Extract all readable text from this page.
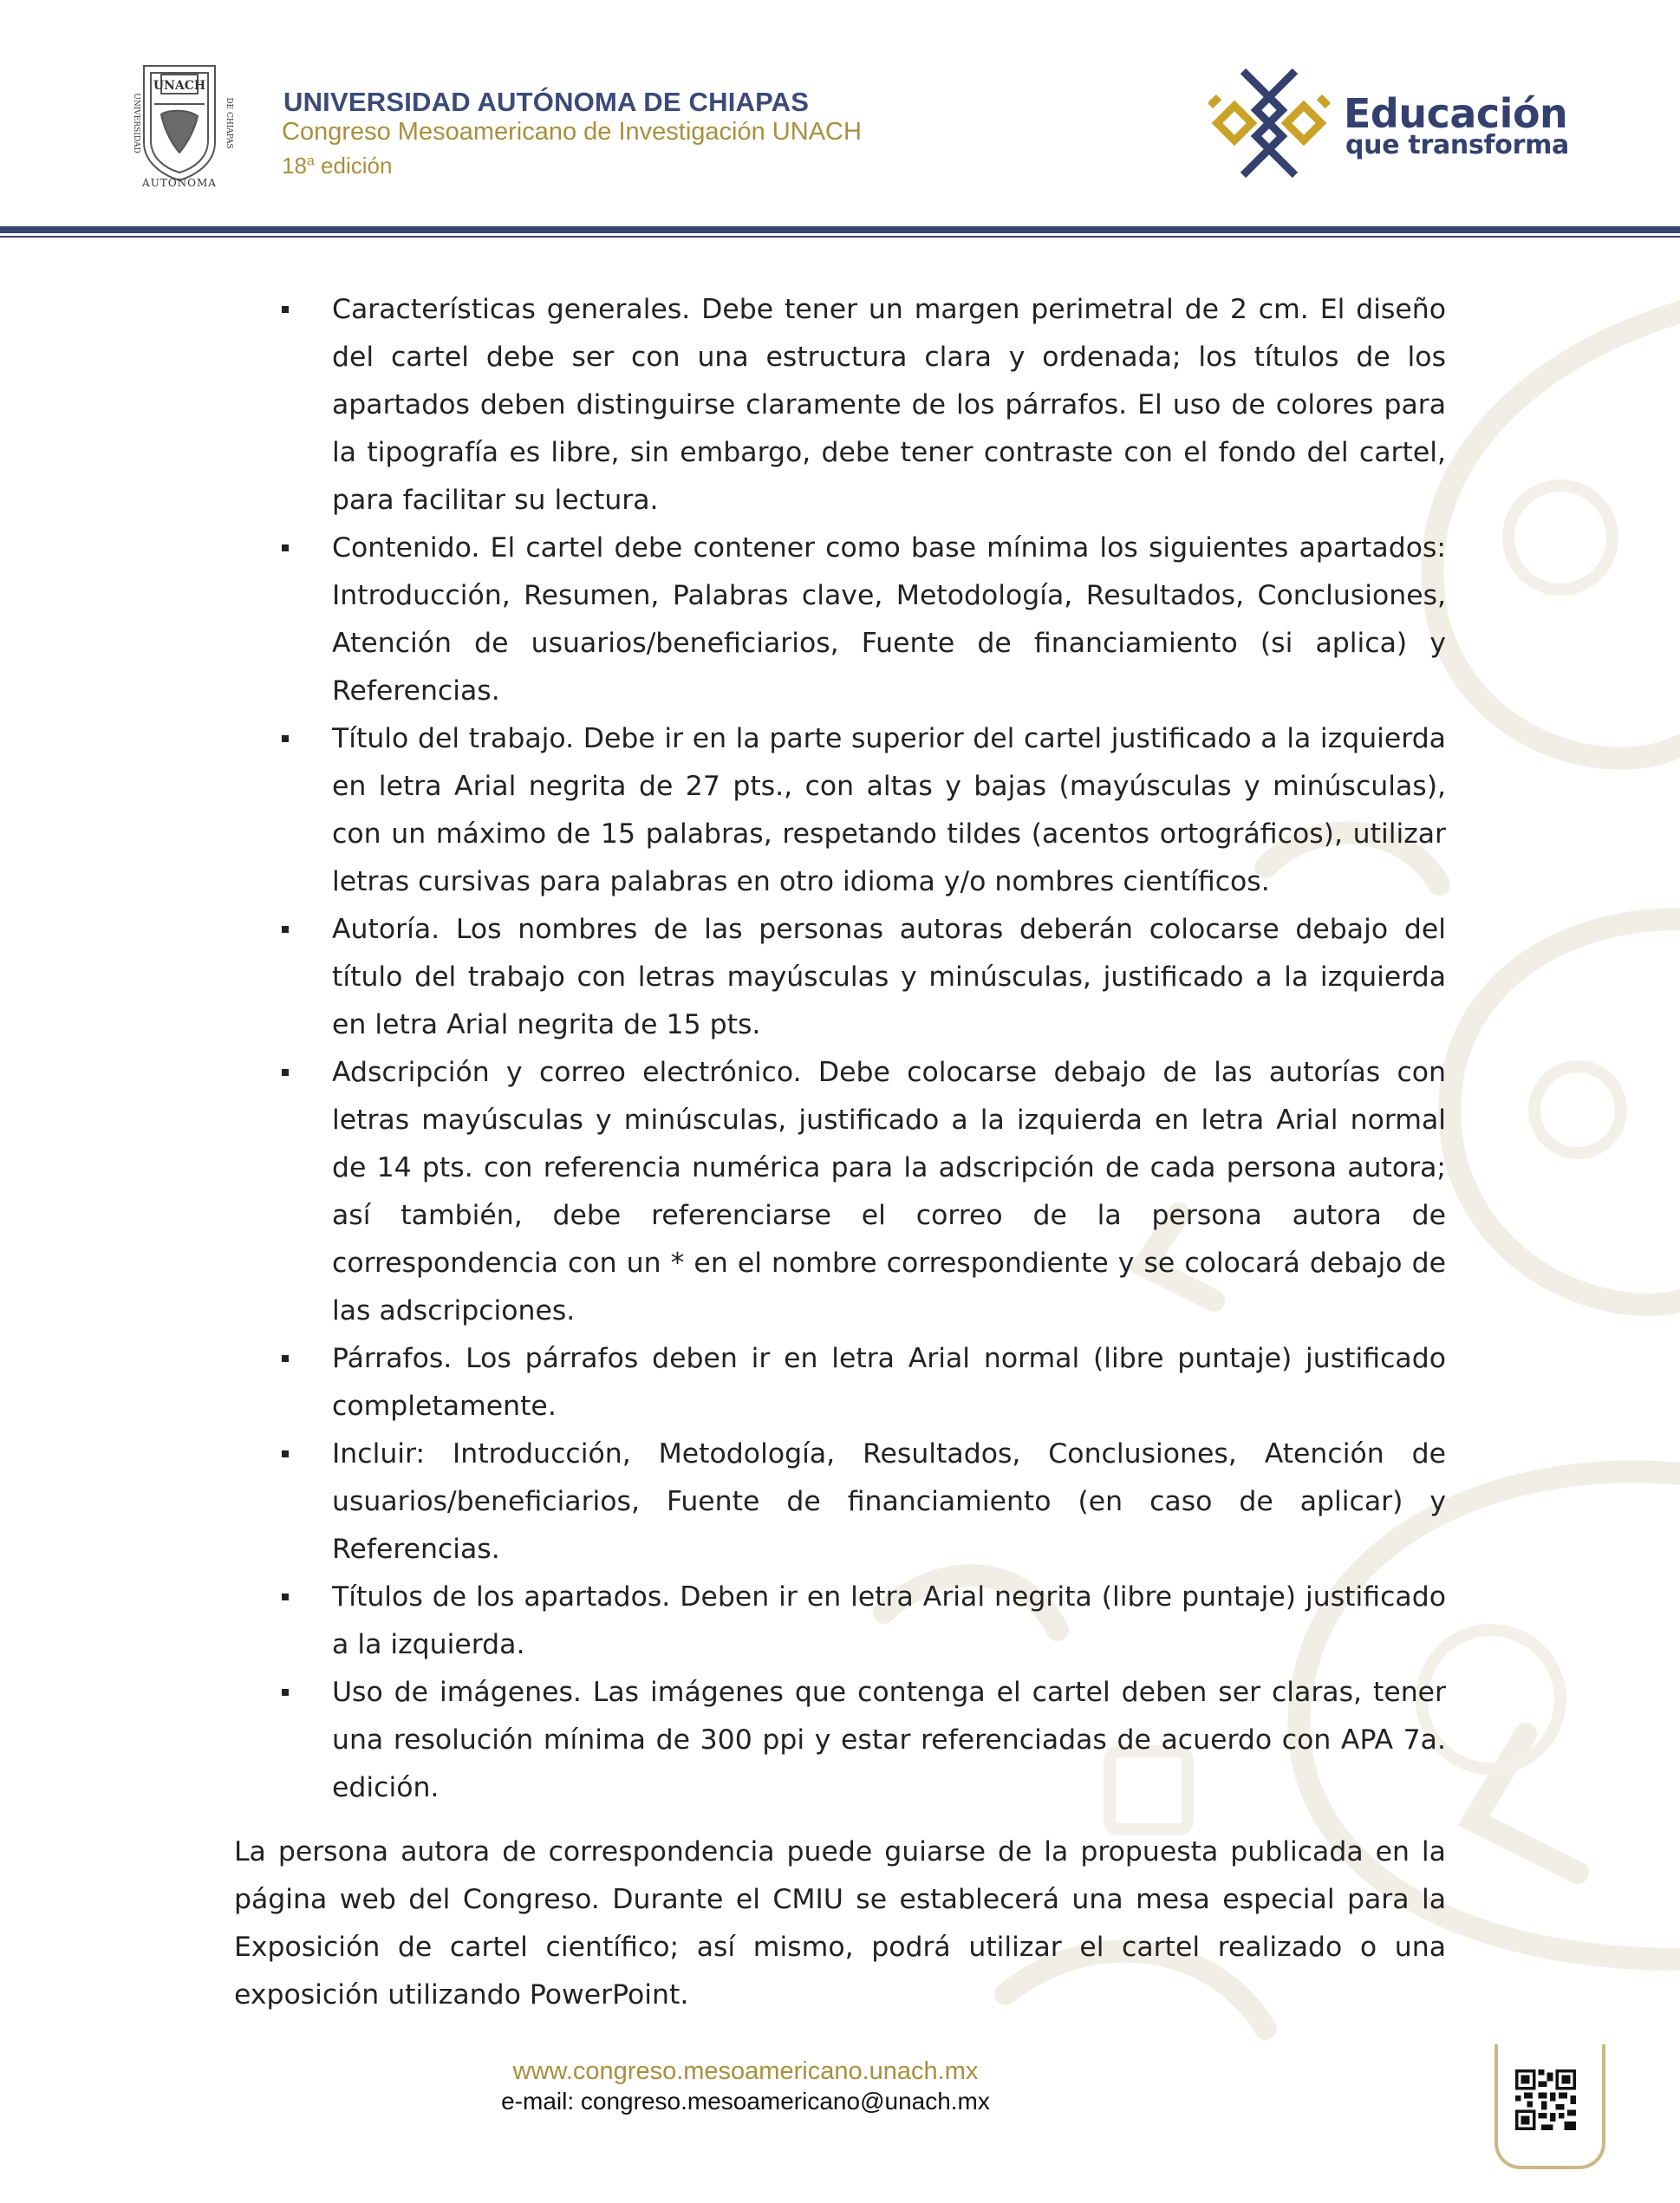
UNACH
UNIVERSIDAD	DE CHIAPAS
AUTONOMA
UNIVERSIDAD AUTÓNOMA DE CHIAPAS
Congreso Mesoamericano de Investigación UNACH
18$^a$ edición
Educación
que transforma
Características generales. Debe tener un margen perimetral de 2 cm. El diseño del cartel debe ser con una estructura clara y ordenada; los títulos de los apartados deben distinguirse claramente de los párrafos. El uso de colores para la tipografía es libre, sin embargo, debe tener contraste con el fondo del cartel, para facilitar su lectura.
Contenido. El cartel debe contener como base mínima los siguientes apartados: Introducción, Resumen, Palabras clave, Metodología, Resultados, Conclusiones, Atención de usuarios/beneficiarios, Fuente de financiamiento (si aplica) y Referencias.
Título del trabajo. Debe ir en la parte superior del cartel justificado a la izquierda en letra Arial negrita de 27 pts., con altas y bajas (mayúsculas y minúsculas), con un máximo de 15 palabras, respetando tildes (acentos ortográficos), utilizar letras cursivas para palabras en otro idioma y/o nombres científicos.
Autoría. Los nombres de las personas autoras deberán colocarse debajo del título del trabajo con letras mayúsculas y minúsculas, justificado a la izquierda en letra Arial negrita de 15 pts.
Adscripción y correo electrónico. Debe colocarse debajo de las autorías con letras mayúsculas y minúsculas, justificado a la izquierda en letra Arial normal de 14 pts. con referencia numérica para la adscripción de cada persona autora; así también, debe referenciarse el correo de la persona autora de correspondencia con un * en el nombre correspondiente y se colocará debajo de las adscripciones.
Párrafos. Los párrafos deben ir en letra Arial normal (libre puntaje) justificado completamente.
Incluir: Introducción, Metodología, Resultados, Conclusiones, Atención de usuarios/beneficiarios, Fuente de financiamiento (en caso de aplicar) y Referencias.
Títulos de los apartados. Deben ir en letra Arial negrita (libre puntaje) justificado a la izquierda.
Uso de imágenes. Las imágenes que contenga el cartel deben ser claras, tener una resolución mínima de 300 ppi y estar referenciadas de acuerdo con APA 7a. edición.

La persona autora de correspondencia puede guiarse de la propuesta publicada en la página web del Congreso. Durante el CMIU se establecerá una mesa especial para la Exposición de cartel científico; así mismo, podrá utilizar el cartel realizado o una exposición utilizando PowerPoint.

www.congreso.mesoamericano.unach.mx
e-mail: congreso.mesoamericano@unach.mx
